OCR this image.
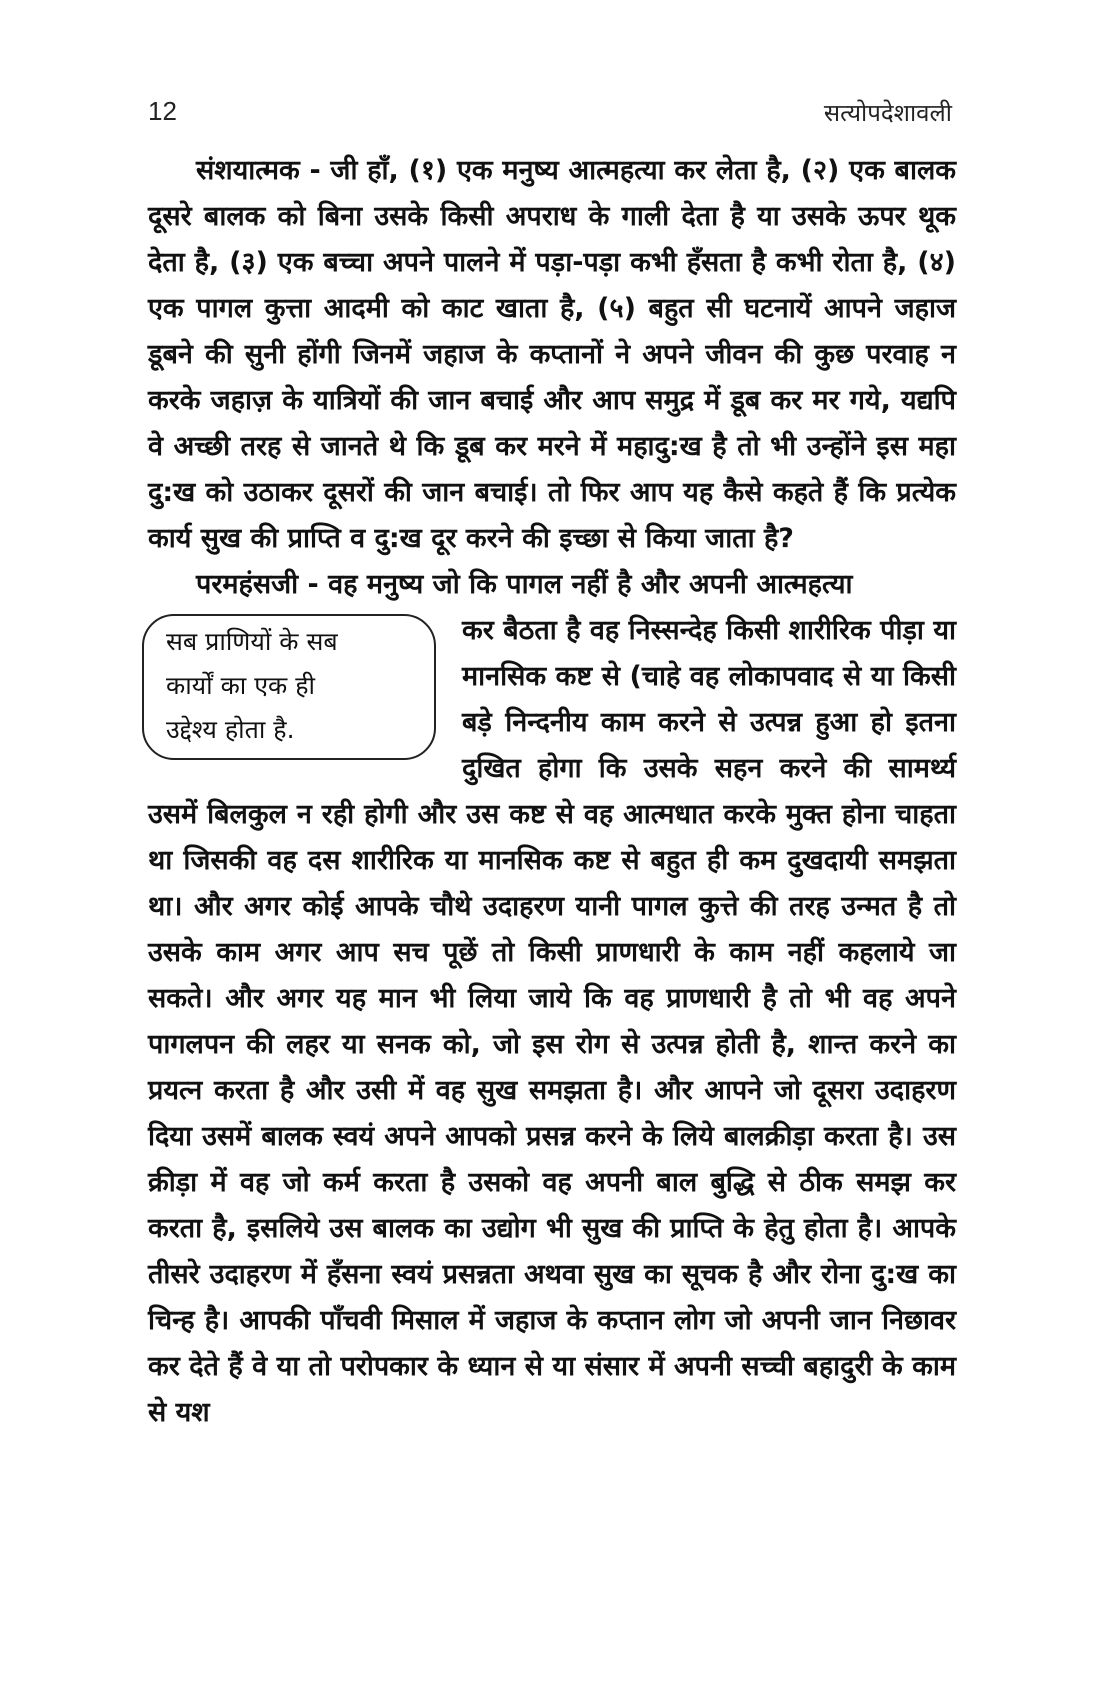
12	सत्योपदेशावली

संशयात्मक - जी हाँ, (१) एक मनुष्य आत्महत्या कर लेता है, (२) एक बालक दूसरे बालक को बिना उसके किसी अपराध के गाली देता है या उसके ऊपर थूक देता है, (३) एक बच्चा अपने पालने में पड़ा-पड़ा कभी हँसता है कभी रोता है, (४) एक पागल कुत्ता आदमी को काट खाता है, (५) बहुत सी घटनायें आपने जहाज डूबने की सुनी होंगी जिनमें जहाज के कप्तानों ने अपने जीवन की कुछ परवाह न करके जहाज़ के यात्रियों की जान बचाई और आप समुद्र में डूब कर मर गये, यद्यपि वे अच्छी तरह से जानते थे कि डूब कर मरने में महादु:ख है तो भी उन्होंने इस महा दु:ख को उठाकर दूसरों की जान बचाई। तो फिर आप यह कैसे कहते हैं कि प्रत्येक कार्य सुख की प्राप्ति व दु:ख दूर करने की इच्छा से किया जाता है?

परमहंसजी - वह मनुष्य जो कि पागल नहीं है और अपनी आत्महत्या

सब प्राणियों के सब
कार्यों का एक ही
उद्देश्य होता है.

कर बैठता है वह निस्सन्देह किसी शारीरिक पीड़ा या मानसिक कष्ट से (चाहे वह लोकापवाद से या किसी बड़े निन्दनीय काम करने से उत्पन्न हुआ हो इतना दुखित होगा कि उसके सहन करने की सामर्थ्य उसमें बिलकुल न रही होगी और उस कष्ट से वह आत्मधात करके मुक्त होना चाहता था जिसकी वह दस शारीरिक या मानसिक कष्ट से बहुत ही कम दुखदायी समझता था। और अगर कोई आपके चौथे उदाहरण यानी पागल कुत्ते की तरह उन्मत है तो उसके काम अगर आप सच पूछें तो किसी प्राणधारी के काम नहीं कहलाये जा सकते। और अगर यह मान भी लिया जाये कि वह प्राणधारी है तो भी वह अपने पागलपन की लहर या सनक को, जो इस रोग से उत्पन्न होती है, शान्त करने का प्रयत्न करता है और उसी में वह सुख समझता है। और आपने जो दूसरा उदाहरण दिया उसमें बालक स्वयं अपने आपको प्रसन्न करने के लिये बालक्रीड़ा करता है। उस क्रीड़ा में वह जो कर्म करता है उसको वह अपनी बाल बुद्धि से ठीक समझ कर करता है, इसलिये उस बालक का उद्योग भी सुख की प्राप्ति के हेतु होता है। आपके तीसरे उदाहरण में हँसना स्वयं प्रसन्नता अथवा सुख का सूचक है और रोना दु:ख का चिन्ह है। आपकी पाँचवी मिसाल में जहाज के कप्तान लोग जो अपनी जान निछावर कर देते हैं वे या तो परोपकार के ध्यान से या संसार में अपनी सच्ची बहादुरी के काम से यश
